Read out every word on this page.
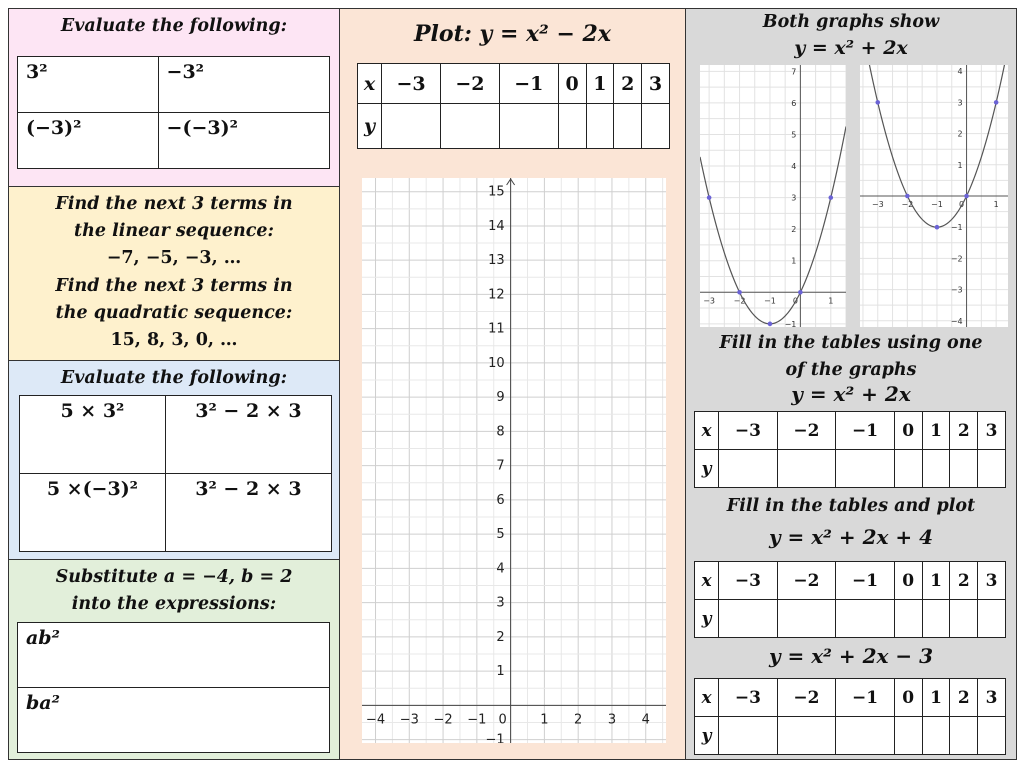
Evaluate the following:
3²	−3²
(−3)²	−(−3)²
Find the next 3 terms in
the linear sequence:
−7, −5, −3, …
Find the next 3 terms in
the quadratic sequence:
15, 8, 3, 0, …
Evaluate the following:
5 × 3²	3² − 2 × 3
5 ×(−3)²	3² − 2 × 3
Substitute a = −4, b = 2
into the expressions:
ab²
ba²
Plot: y = x² − 2x
x	−3	−2	−1	0	1	2	3
y							
−4 −3 −2 −1 0	1 2 3 4
15
14
13
12
11
10
9
8
7
6
5
4
3
2
1
−1
Both graphs show
y = x² + 2x
−3 −2 −1 0	1
7
6
5
4
3
2
1
−1
−3 −2 −1 0	1
4
3
2
1
−1
−2
−3
−4
Fill in the tables using one
of the graphs
y = x² + 2x
x	−3	−2	−1	0	1	2	3
y							
Fill in the tables and plot
y = x² + 2x + 4
x	−3	−2	−1	0	1	2	3
y							
y = x² + 2x − 3
x	−3	−2	−1	0	1	2	3
y							
